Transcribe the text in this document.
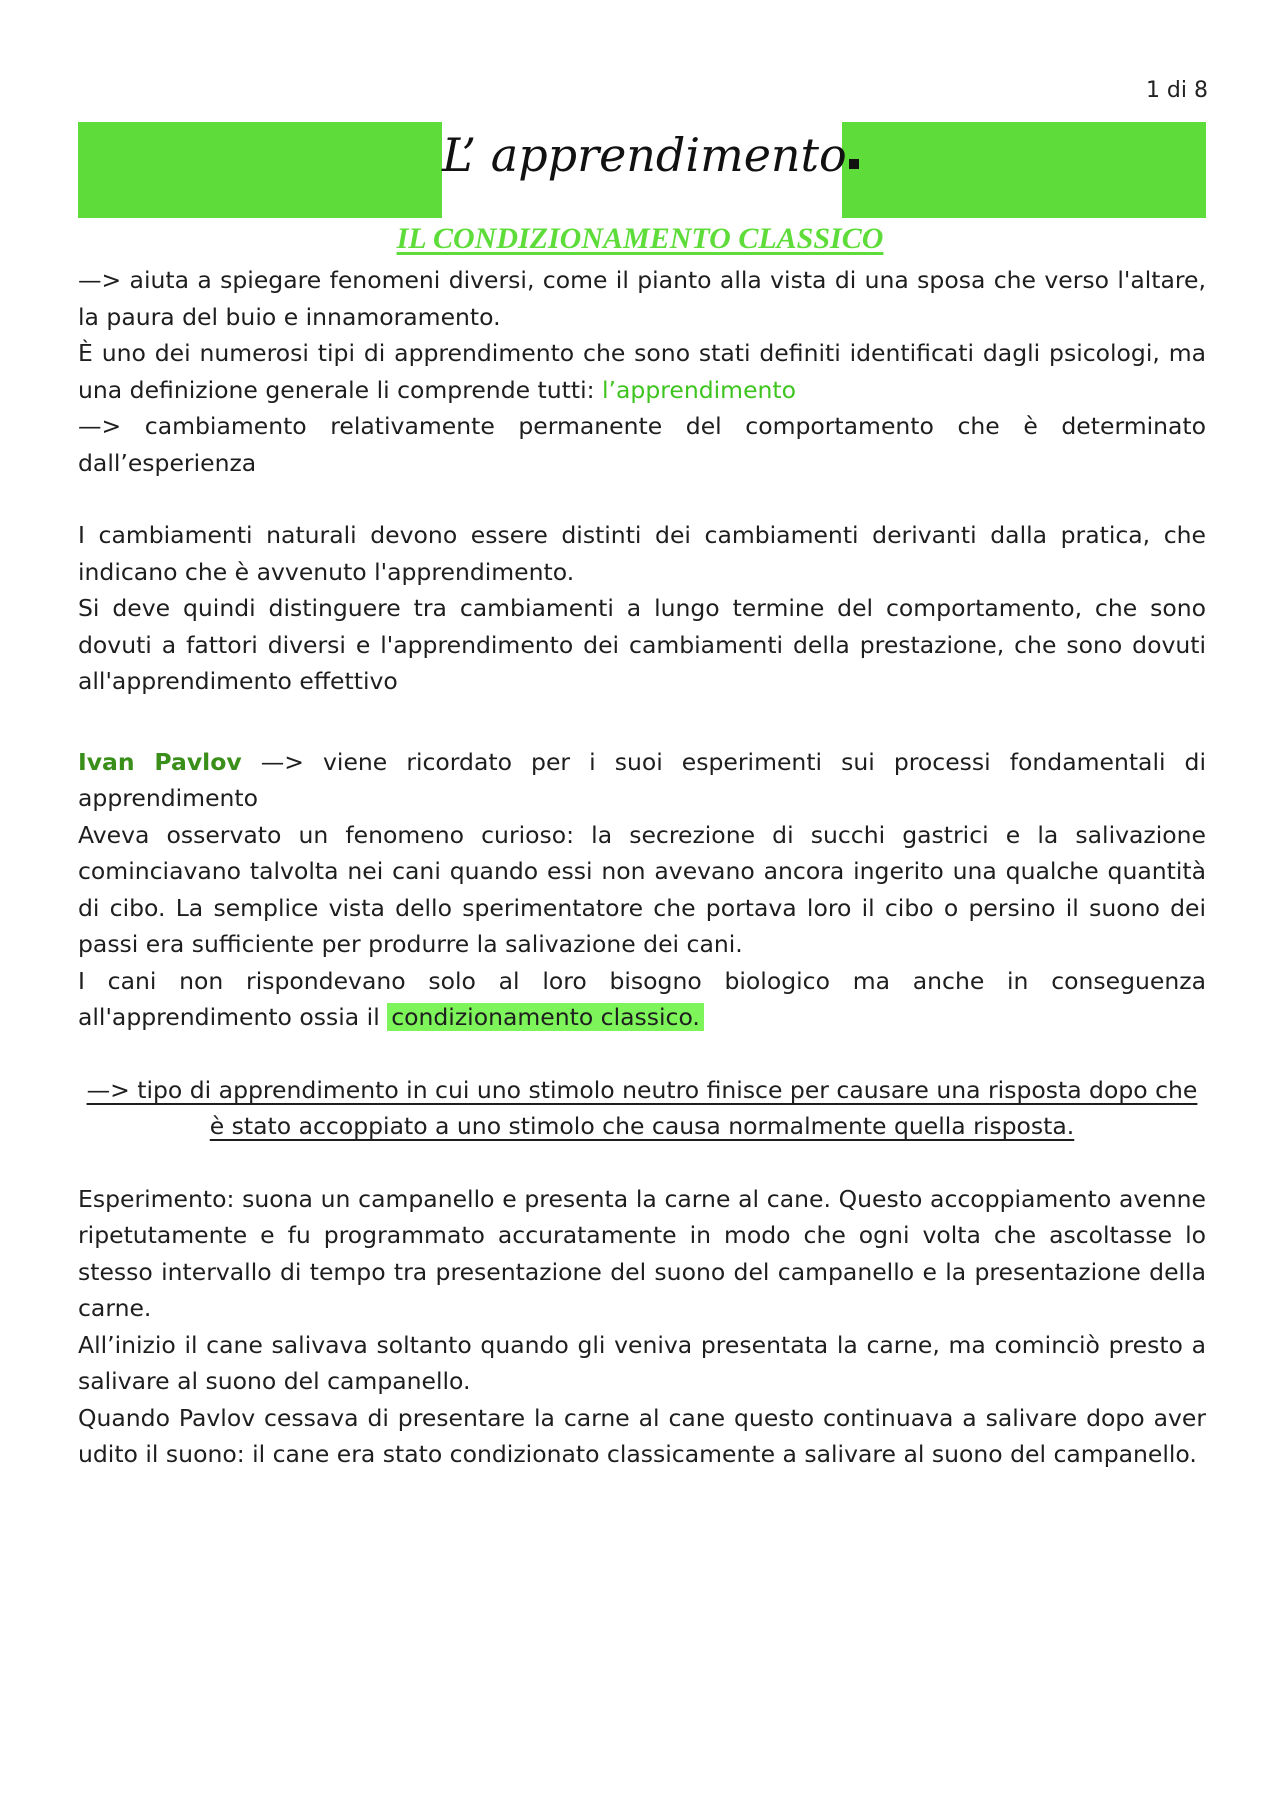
1 di 8
L’ apprendimento
IL CONDIZIONAMENTO CLASSICO

—> aiuta a spiegare fenomeni diversi, come il pianto alla vista di una sposa che verso l'altare, la paura del buio e innamoramento.

È uno dei numerosi tipi di apprendimento che sono stati definiti identificati dagli psicologi, ma una definizione generale li comprende tutti: l’apprendimento

—> cambiamento relativamente permanente del comportamento che è determinato dall’esperienza

I cambiamenti naturali devono essere distinti dei cambiamenti derivanti dalla pratica, che indicano che è avvenuto l'apprendimento.

Si deve quindi distinguere tra cambiamenti a lungo termine del comportamento, che sono dovuti a fattori diversi e l'apprendimento dei cambiamenti della prestazione, che sono dovuti all'apprendimento effettivo

Ivan Pavlov —> viene ricordato per i suoi esperimenti sui processi fondamentali di apprendimento

Aveva osservato un fenomeno curioso: la secrezione di succhi gastrici e la salivazione cominciavano talvolta nei cani quando essi non avevano ancora ingerito una qualche quantità di cibo. La semplice vista dello sperimentatore che portava loro il cibo o persino il suono dei passi era sufficiente per produrre la salivazione dei cani.

I cani non rispondevano solo al loro bisogno biologico ma anche in conseguenza all'apprendimento ossia il condizionamento classico.

—> tipo di apprendimento in cui uno stimolo neutro finisce per causare una risposta dopo che è stato accoppiato a uno stimolo che causa normalmente quella risposta.

Esperimento: suona un campanello e presenta la carne al cane. Questo accoppiamento avenne ripetutamente e fu programmato accuratamente in modo che ogni volta che ascoltasse lo stesso intervallo di tempo tra presentazione del suono del campanello e la presentazione della carne.

All’inizio il cane salivava soltanto quando gli veniva presentata la carne, ma cominciò presto a salivare al suono del campanello.

Quando Pavlov cessava di presentare la carne al cane questo continuava a salivare dopo aver udito il suono: il cane era stato condizionato classicamente a salivare al suono del campanello.
